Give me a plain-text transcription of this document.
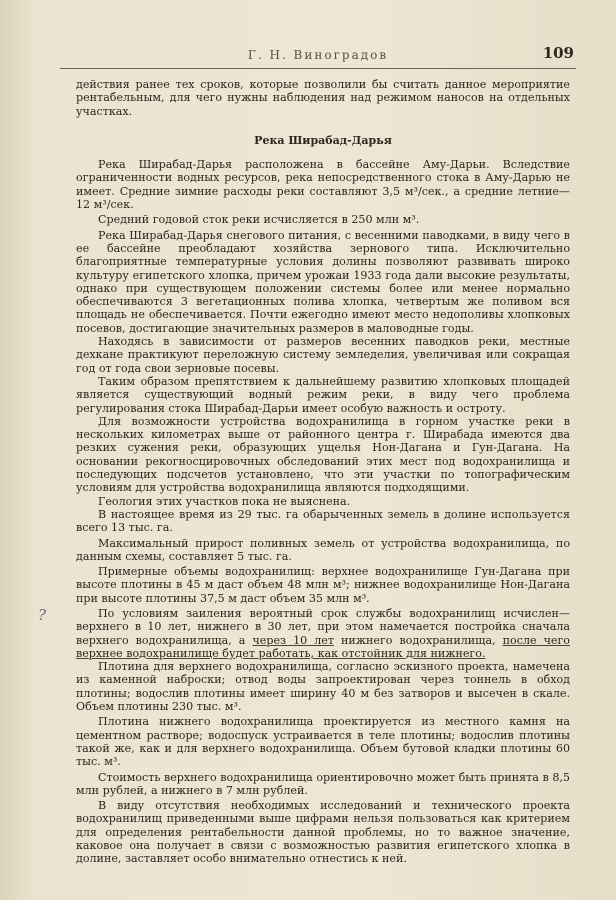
Г. Н. Виноградов	109
?

действия ранее тех сроков, которые позволили бы считать данное мероприятие рентабельным, для чего нужны наблюдения над режимом наносов на отдельных участках.

Река Ширабад-Дарья

Река Ширабад-Дарья расположена в бассейне Аму-Дарьи. Вследствие ограниченности водных ресурсов, река непосредственного стока в Аму-Дарью не имеет. Средние зимние расходы реки составляют 3,5 м³/сек., а средние летние—12 м³/сек.

Средний годовой сток реки исчисляется в 250 млн м³.

Река Ширабад-Дарья снегового питания, с весенними паводками, в виду чего в ее бассейне преобладают хозяйства зернового типа. Исключительно благоприятные температурные условия долины позволяют развивать широко культуру египетского хлопка, причем урожаи 1933 года дали высокие результаты, однако при существующем положении системы более или менее нормально обеспечиваются 3 вегетационных полива хлопка, четвертым же поливом вся площадь не обеспечивается. Почти ежегодно имеют место недополивы хлопковых посевов, достигающие значительных размеров в маловодные годы.

Находясь в зависимости от размеров весенних паводков реки, местные дехкане практикуют переложную систему земледелия, увеличивая или сокращая год от года свои зерновые посевы.

Таким образом препятствием к дальнейшему развитию хлопковых площадей является существующий водный режим реки, в виду чего проблема регулирования стока Ширабад-Дарьи имеет особую важность и остроту.

Для возможности устройства водохранилища в горном участке реки в нескольких километрах выше от районного центра г. Ширабада имеются два резких сужения реки, образующих ущелья Нон-Дагана и Гун-Дагана. На основании рекогносцировочных обследований этих мест под водохранилища и последующих подсчетов установлено, что эти участки по топографическим условиям для устройства водохранилища являются подходящими.

Геология этих участков пока не выяснена.

В настоящее время из 29 тыс. га обарыченных земель в долине используется всего 13 тыс. га.

Максимальный прирост поливных земель от устройства водохранилища, по данным схемы, составляет 5 тыс. га.

Примерные объемы водохранилищ: верхнее водохранилище Гун-Дагана при высоте плотины в 45 м даст объем 48 млн м³; нижнее водохранилище Нон-Дагана при высоте плотины 37,5 м даст объем 35 млн м³.

По условиям заиления вероятный срок службы водохранилищ исчислен—верхнего в 10 лет, нижнего в 30 лет, при этом намечается постройка сначала верхнего водохранилища, а через 10 лет нижнего водохранилища, после чего верхнее водохранилище будет работать, как отстойник для нижнего.

Плотина для верхнего водохранилища, согласно эскизного проекта, намечена из каменной наброски; отвод воды запроектирован через тоннель в обход плотины; водослив плотины имеет ширину 40 м без затворов и высечен в скале. Объем плотины 230 тыс. м³.

Плотина нижнего водохранилища проектируется из местного камня на цементном растворе; водоспуск устраивается в теле плотины; водослив плотины такой же, как и для верхнего водохранилища. Объем бутовой кладки плотины 60 тыс. м³.

Стоимость верхнего водохранилища ориентировочно может быть принята в 8,5 млн рублей, а нижнего в 7 млн рублей.

В виду отсутствия необходимых исследований и технического проекта водохранилищ приведенными выше цифрами нельзя пользоваться как критерием для определения рентабельности данной проблемы, но то важное значение, каковое она получает в связи с возможностью развития египетского хлопка в долине, заставляет особо внимательно отнестись к ней.
